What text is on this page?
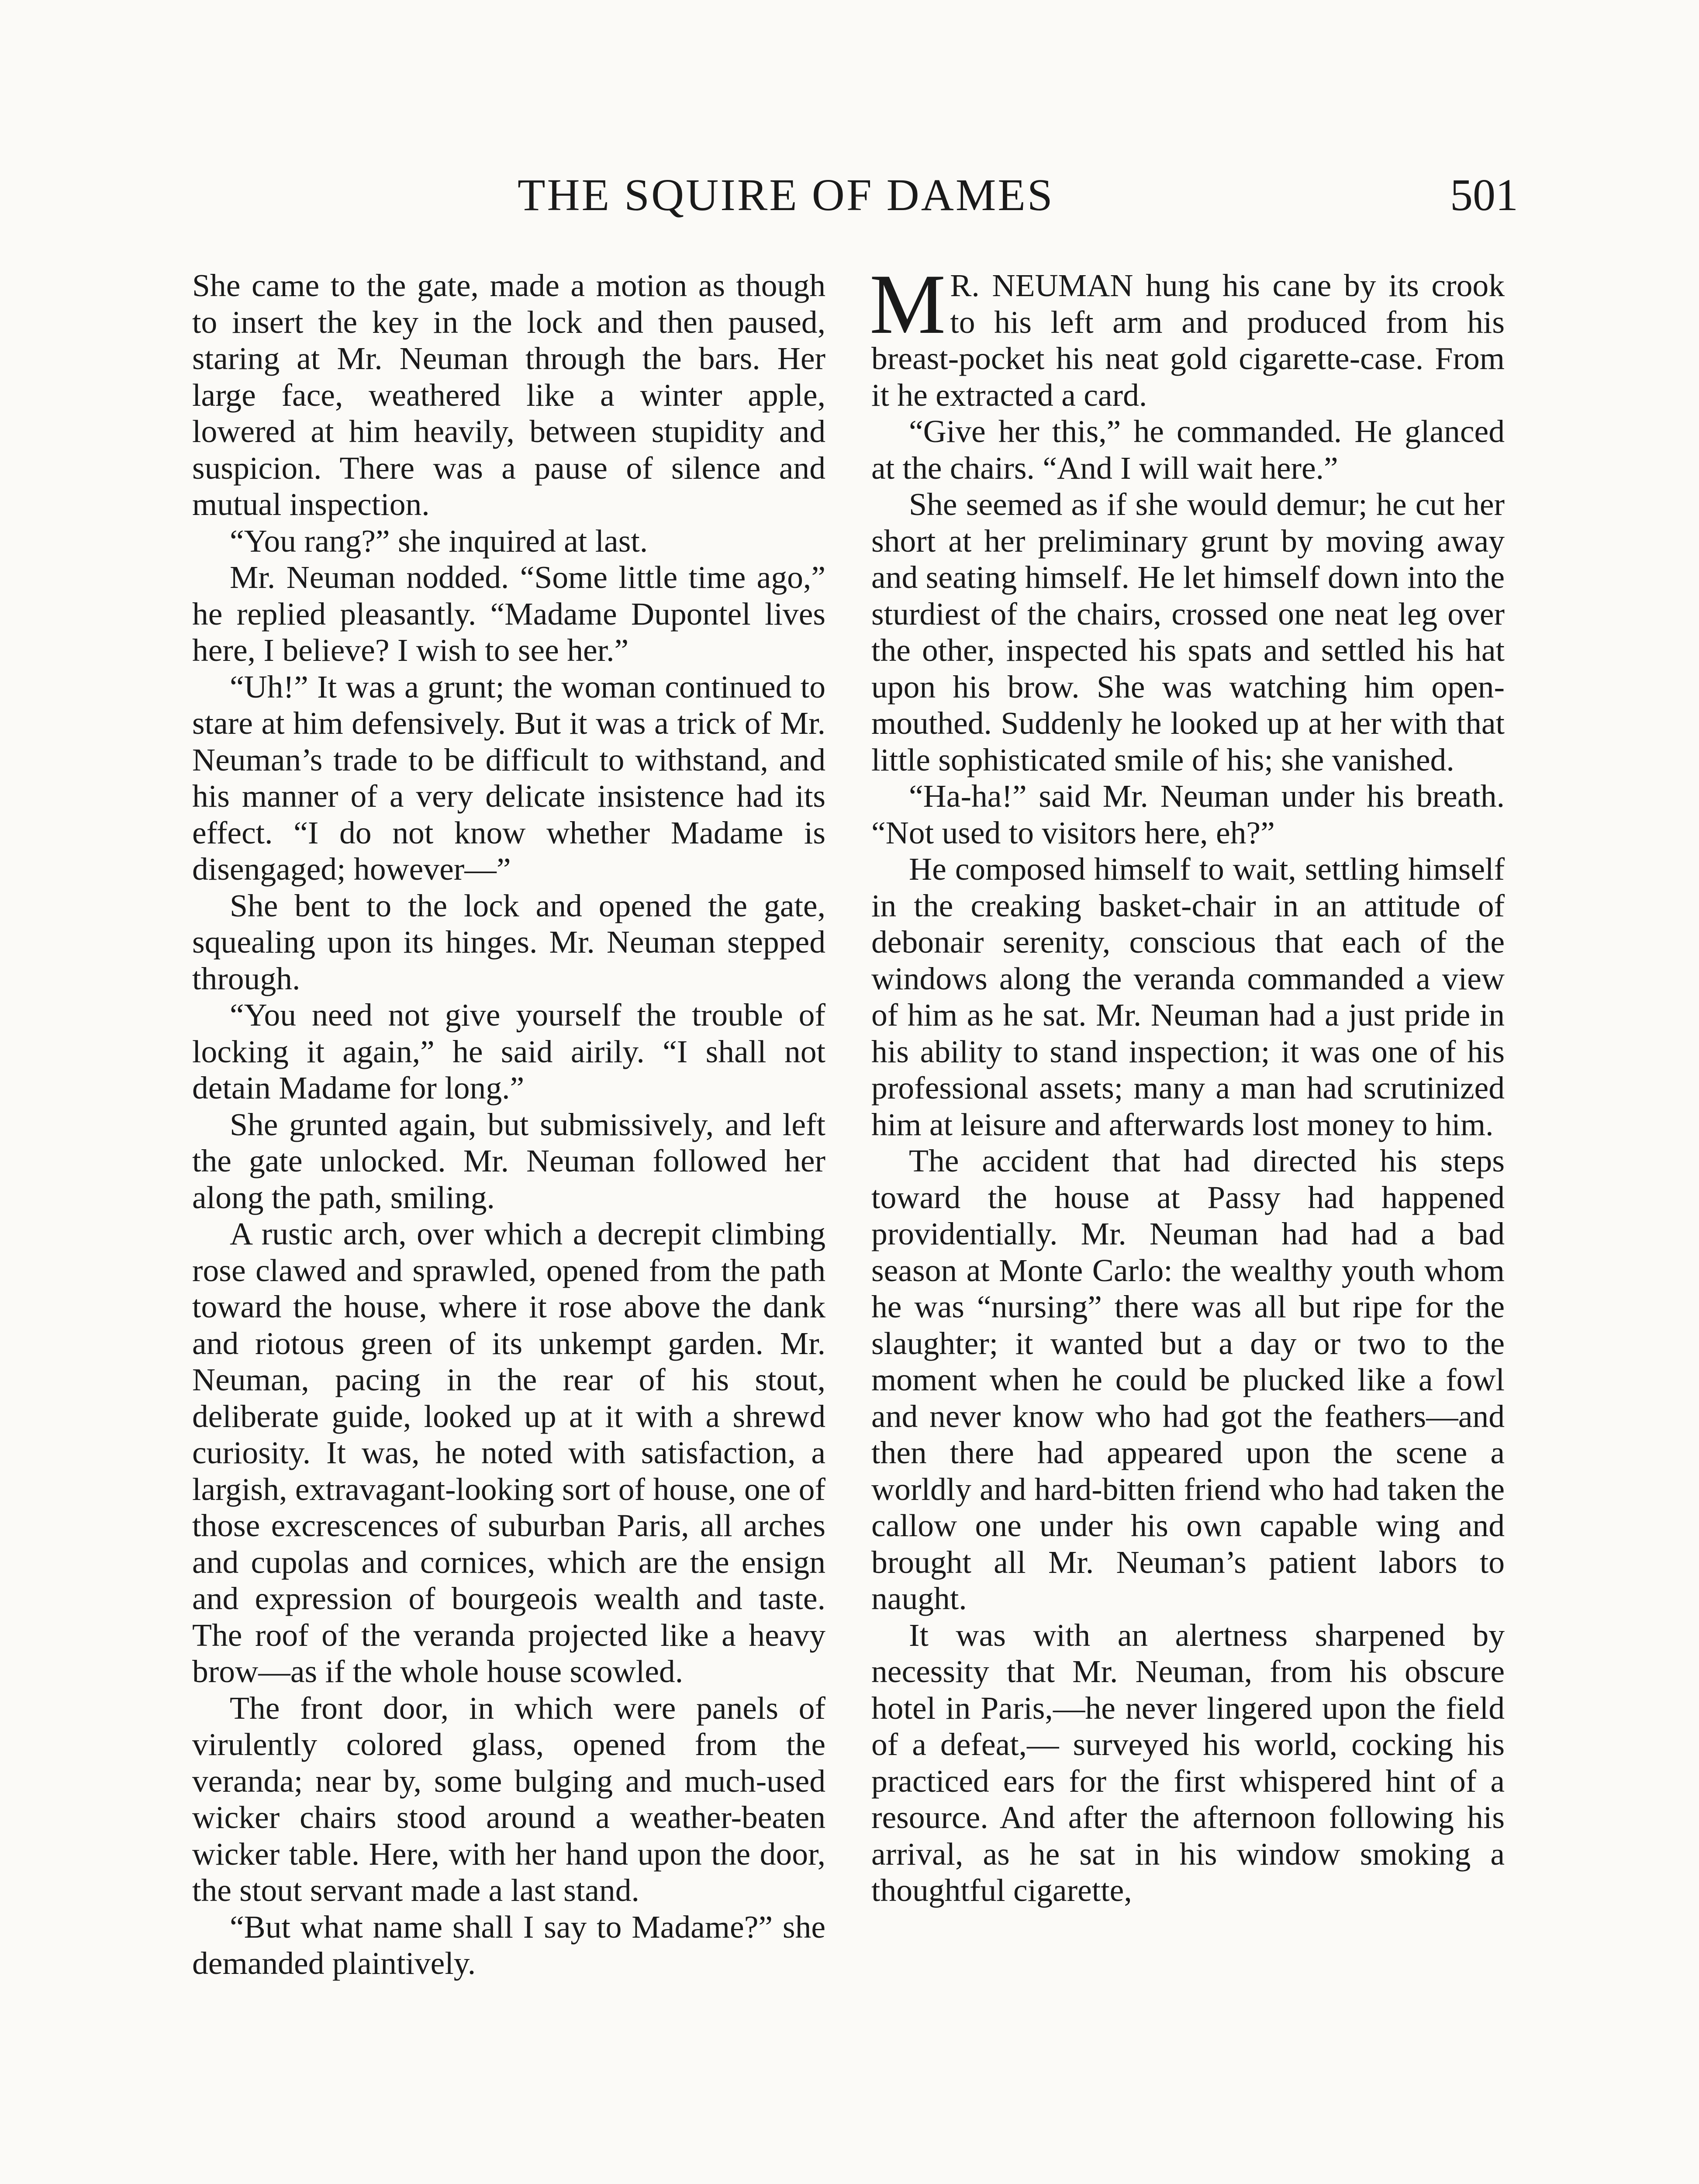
THE SQUIRE OF DAMES	501

She came to the gate, made a motion as though to insert the key in the lock and then paused, staring at Mr. Neuman through the bars. Her large face, weathered like a winter apple, lowered at him heavily, between stupidity and suspicion. There was a pause of silence and mutual inspection.

“You rang?” she inquired at last.

Mr. Neuman nodded. “Some little time ago,” he replied pleasantly. “Madame Dupontel lives here, I believe? I wish to see her.”

“Uh!” It was a grunt; the woman continued to stare at him defensively. But it was a trick of Mr. Neuman’s trade to be difficult to withstand, and his manner of a very delicate insistence had its effect. “I do not know whether Madame is disengaged; however—”

She bent to the lock and opened the gate, squealing upon its hinges. Mr. Neuman stepped through.

“You need not give yourself the trouble of locking it again,” he said airily. “I shall not detain Madame for long.”

She grunted again, but submissively, and left the gate unlocked. Mr. Neuman followed her along the path, smiling.

A rustic arch, over which a decrepit climbing rose clawed and sprawled, opened from the path toward the house, where it rose above the dank and riotous green of its unkempt garden. Mr. Neuman, pacing in the rear of his stout, deliberate guide, looked up at it with a shrewd curiosity. It was, he noted with satisfaction, a largish, extravagant-looking sort of house, one of those excrescences of suburban Paris, all arches and cupolas and cornices, which are the ensign and expression of bourgeois wealth and taste. The roof of the veranda projected like a heavy brow—as if the whole house scowled.

The front door, in which were panels of virulently colored glass, opened from the veranda; near by, some bulging and much-used wicker chairs stood around a weather-beaten wicker table. Here, with her hand upon the door, the stout servant made a last stand.

“But what name shall I say to Madame?” she demanded plaintively.

M R. NEUMAN hung his cane by its crook to his left arm and produced from his breast-pocket his neat gold cigarette-case. From it he extracted a card.

“Give her this,” he commanded. He glanced at the chairs. “And I will wait here.”

She seemed as if she would demur; he cut her short at her preliminary grunt by moving away and seating himself. He let himself down into the sturdiest of the chairs, crossed one neat leg over the other, inspected his spats and settled his hat upon his brow. She was watching him open-mouthed. Suddenly he looked up at her with that little sophisticated smile of his; she vanished.

“Ha-ha!” said Mr. Neuman under his breath. “Not used to visitors here, eh?”

He composed himself to wait, settling himself in the creaking basket-chair in an attitude of debonair serenity, conscious that each of the windows along the veranda commanded a view of him as he sat. Mr. Neuman had a just pride in his ability to stand inspection; it was one of his professional assets; many a man had scrutinized him at leisure and afterwards lost money to him.

The accident that had directed his steps toward the house at Passy had happened providentially. Mr. Neuman had had a bad season at Monte Carlo: the wealthy youth whom he was “nursing” there was all but ripe for the slaughter; it wanted but a day or two to the moment when he could be plucked like a fowl and never know who had got the feathers—and then there had appeared upon the scene a worldly and hard-bitten friend who had taken the callow one under his own capable wing and brought all Mr. Neuman’s patient labors to naught.

It was with an alertness sharpened by necessity that Mr. Neuman, from his obscure hotel in Paris,—he never lingered upon the field of a defeat,— surveyed his world, cocking his practiced ears for the first whispered hint of a resource. And after the afternoon following his arrival, as he sat in his window smoking a thoughtful cigarette,
